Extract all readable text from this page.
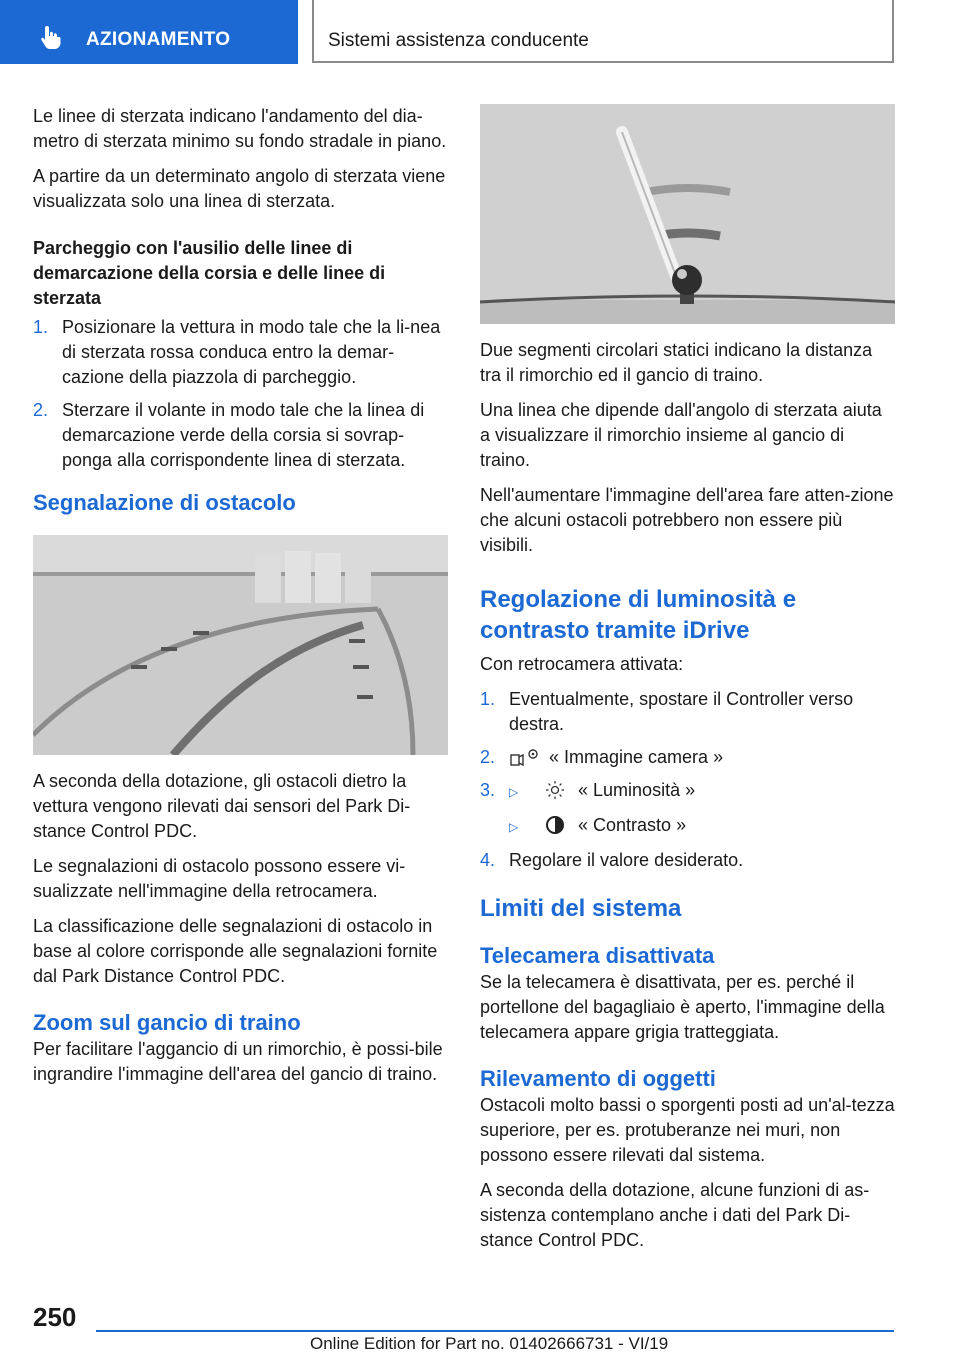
AZIONAMENTO	Sistemi assistenza conducente

Le linee di sterzata indicano l'andamento del dia-metro di sterzata minimo su fondo stradale in piano.

A partire da un determinato angolo di sterzata viene visualizzata solo una linea di sterzata.

Parcheggio con l'ausilio delle linee di demarcazione della corsia e delle linee di sterzata
1. Posizionare la vettura in modo tale che la li-nea di sterzata rossa conduca entro la demar-cazione della piazzola di parcheggio.
2. Sterzare il volante in modo tale che la linea di demarcazione verde della corsia si sovrap-ponga alla corrispondente linea di sterzata.
Segnalazione di ostacolo

A seconda della dotazione, gli ostacoli dietro la vettura vengono rilevati dai sensori del Park Di-stance Control PDC.

Le segnalazioni di ostacolo possono essere vi-sualizzate nell'immagine della retrocamera.

La classificazione delle segnalazioni di ostacolo in base al colore corrisponde alle segnalazioni fornite dal Park Distance Control PDC.

Zoom sul gancio di traino

Per facilitare l'aggancio di un rimorchio, è possi-bile ingrandire l'immagine dell'area del gancio di traino.

Due segmenti circolari statici indicano la distanza tra il rimorchio ed il gancio di traino.

Una linea che dipende dall'angolo di sterzata aiuta a visualizzare il rimorchio insieme al gancio di traino.

Nell'aumentare l'immagine dell'area fare atten-zione che alcuni ostacoli potrebbero non essere più visibili.

Regolazione di luminosità e contrasto tramite iDrive

Con retrocamera attivata:

1. Eventualmente, spostare il Controller verso destra.
2.	« Immagine camera »
3. ▷	« Luminosità »
▷	« Contrasto »
4. Regolare il valore desiderato.
Limiti del sistema
Telecamera disattivata

Se la telecamera è disattivata, per es. perché il portellone del bagagliaio è aperto, l'immagine della telecamera appare grigia tratteggiata.

Rilevamento di oggetti

Ostacoli molto bassi o sporgenti posti ad un'al-tezza superiore, per es. protuberanze nei muri, non possono essere rilevati dal sistema.

A seconda della dotazione, alcune funzioni di as-sistenza contemplano anche i dati del Park Di-stance Control PDC.

250
Online Edition for Part no. 01402666731 - VI/19
